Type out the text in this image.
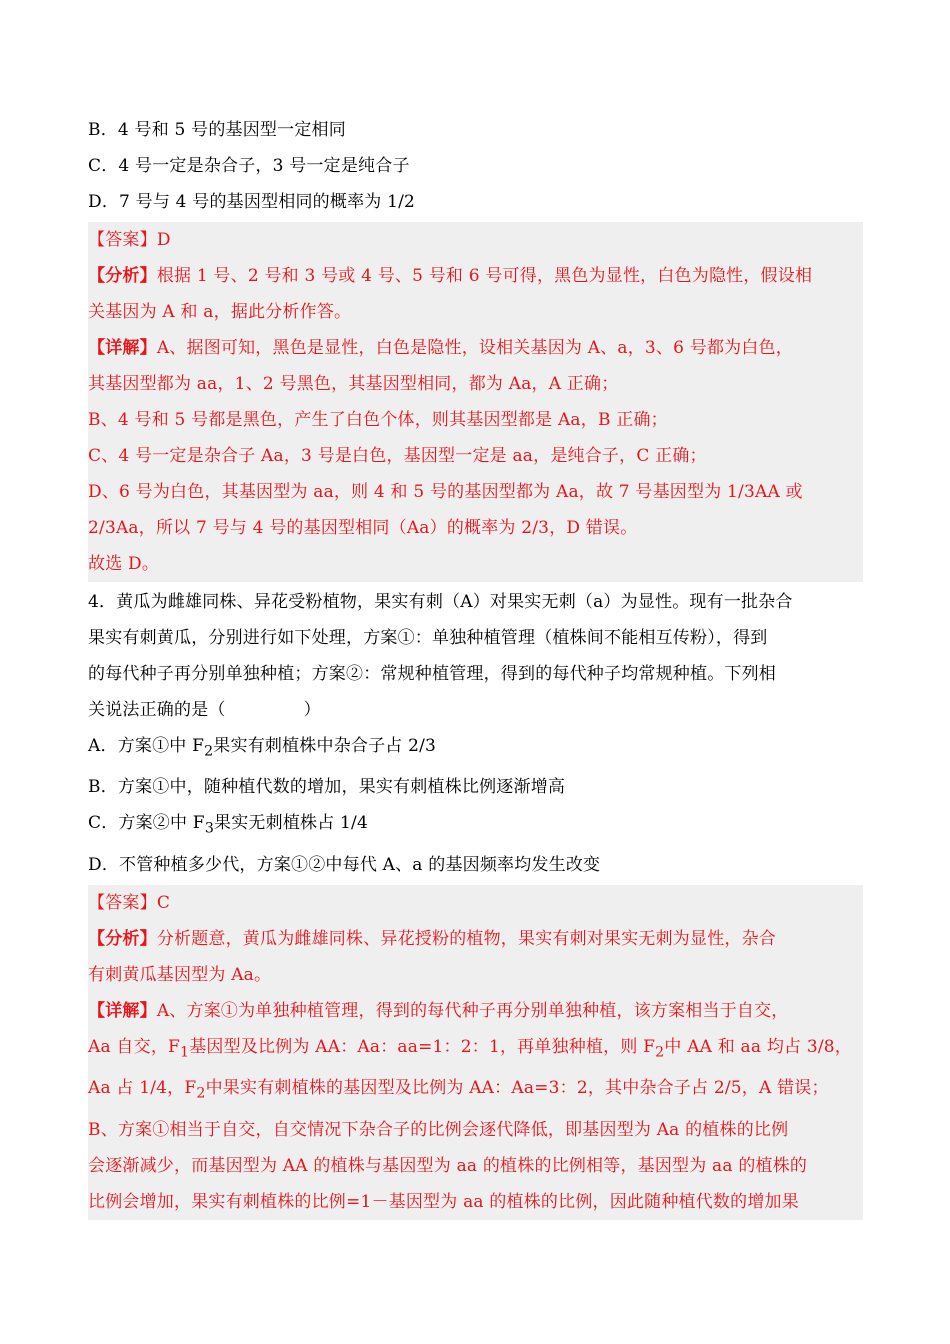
B．4 号和 5 号的基因型一定相同
C．4 号一定是杂合子，3 号一定是纯合子
D．7 号与 4 号的基因型相同的概率为 1/2
【答案】D
【分析】根据 1 号、2 号和 3 号或 4 号、5 号和 6 号可得，黑色为显性，白色为隐性，假设相
关基因为 A 和 a，据此分析作答。
【详解】A、据图可知，黑色是显性，白色是隐性，设相关基因为 A、a，3、6 号都为白色，
其基因型都为 aa，1、2 号黑色，其基因型相同，都为 Aa，A 正确；
B、4 号和 5 号都是黑色，产生了白色个体，则其基因型都是 Aa，B 正确；
C、4 号一定是杂合子 Aa，3 号是白色，基因型一定是 aa，是纯合子，C 正确；
D、6 号为白色，其基因型为 aa，则 4 和 5 号的基因型都为 Aa，故 7 号基因型为 1/3AA 或
2/3Aa，所以 7 号与 4 号的基因型相同（Aa）的概率为 2/3，D 错误。
故选 D。
4．黄瓜为雌雄同株、异花受粉植物，果实有刺（A）对果实无刺（a）为显性。现有一批杂合
果实有刺黄瓜，分别进行如下处理，方案①：单独种植管理（植株间不能相互传粉），得到
的每代种子再分别单独种植；方案②：常规种植管理，得到的每代种子均常规种植。下列相
关说法正确的是（	）
A．方案①中 $F_2$果实有刺植株中杂合子占 2/3
B．方案①中，随种植代数的增加，果实有刺植株比例逐渐增高
C．方案②中 $F_3$果实无刺植株占 1/4
D．不管种植多少代，方案①②中每代 A、a 的基因频率均发生改变
【答案】C
【分析】分析题意，黄瓜为雌雄同株、异花授粉的植物，果实有刺对果实无刺为显性，杂合
有刺黄瓜基因型为 Aa。
【详解】A、方案①为单独种植管理，得到的每代种子再分别单独种植，该方案相当于自交，
Aa 自交，$F_1$基因型及比例为 AA：Aa：aa=1：2：1，再单独种植，则 $F_2$中 AA 和 aa 均占 3/8，
Aa 占 1/4，$F_2$中果实有刺植株的基因型及比例为 AA：Aa=3：2，其中杂合子占 2/5，A 错误；
B、方案①相当于自交，自交情况下杂合子的比例会逐代降低，即基因型为 Aa 的植株的比例
会逐渐减少，而基因型为 AA 的植株与基因型为 aa 的植株的比例相等，基因型为 aa 的植株的
比例会增加，果实有刺植株的比例=1－基因型为 aa 的植株的比例，因此随种植代数的增加果
